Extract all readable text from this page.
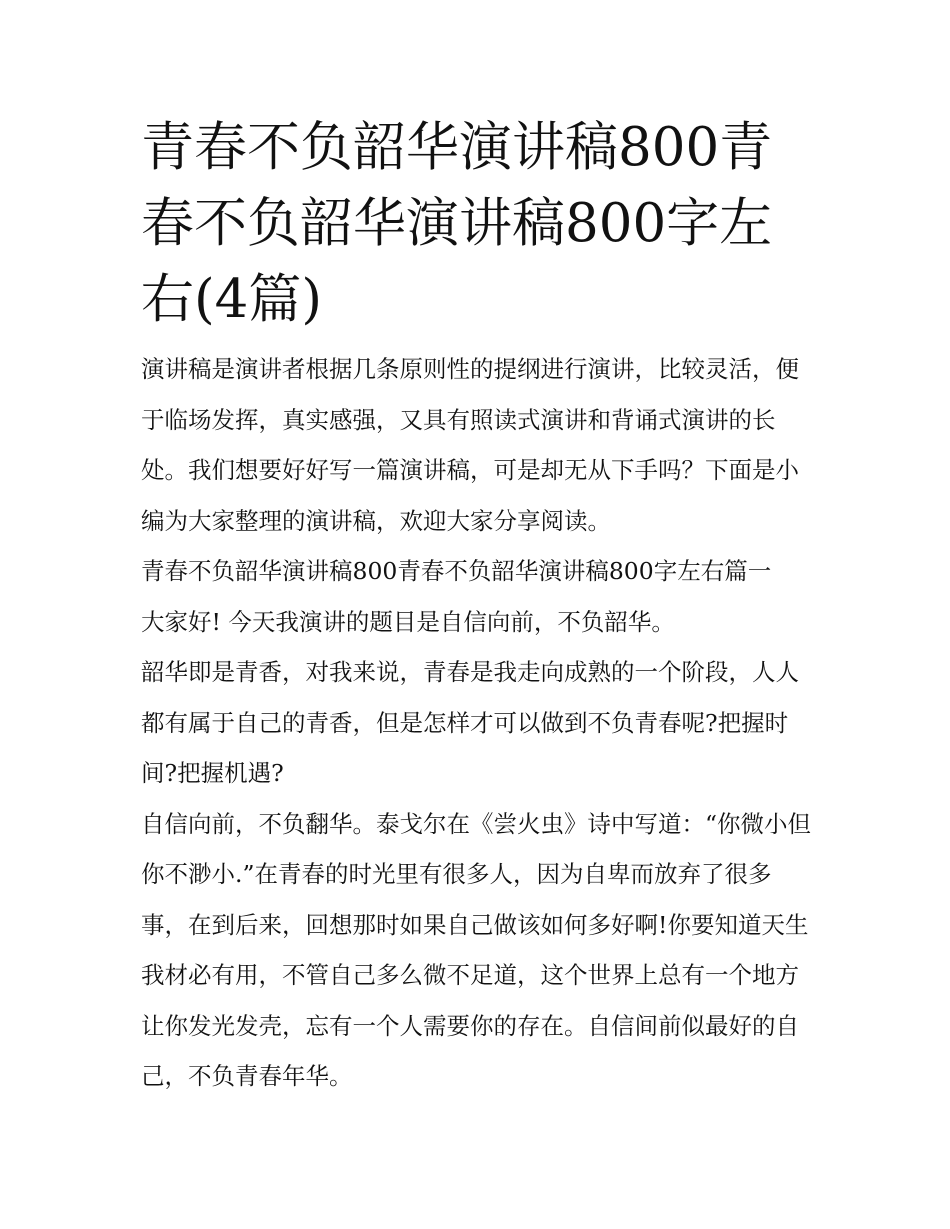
青春不负韶华演讲稿800青春不负韶华演讲稿800字左右(4篇)

演讲稿是演讲者根据几条原则性的提纲进行演讲，比较灵活，便于临场发挥，真实感强，又具有照读式演讲和背诵式演讲的长处。我们想要好好写一篇演讲稿，可是却无从下手吗？下面是小编为大家整理的演讲稿，欢迎大家分享阅读。

青春不负韶华演讲稿800青春不负韶华演讲稿800字左右篇一

大家好! 今天我演讲的题目是自信向前，不负韶华。

韶华即是青香，对我来说，青春是我走向成熟的一个阶段，人人都有属于自己的青香，但是怎样才可以做到不负青春呢?把握时间?把握机遇?

自信向前，不负翻华。泰戈尔在《尝火虫》诗中写道：“你微小但你不渺小.”在青春的时光里有很多人，因为自卑而放弃了很多事，在到后来，回想那时如果自己做该如何多好啊!你要知道天生我材必有用，不管自己多么微不足道，这个世界上总有一个地方让你发光发壳，忘有一个人需要你的存在。自信间前似最好的自己，不负青春年华。
